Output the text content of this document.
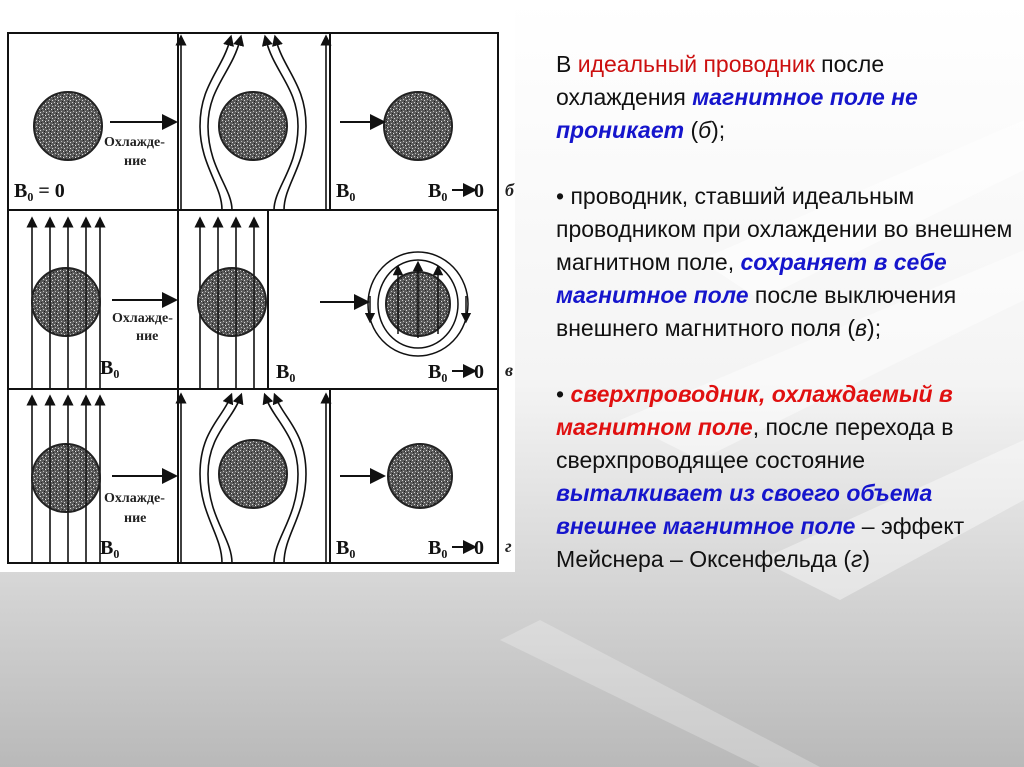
Охлажде-
ние
B₀ = 0	B₀	B₀ 0 б
Охлажде-
ние
B₀	B₀	B₀ 0 в
Охлажде-
ние
B₀	B₀	B₀ 0 г

В идеальный проводник после охлаждения магнитное поле не проникает (б);

• проводник, ставший идеальным проводником при охлаждении во внешнем магнитном поле, сохраняет в себе магнитное поле после выключения внешнего магнитного поля (в);

• сверхпроводник, охлаждаемый в магнитном поле, после перехода в сверхпроводящее состояние выталкивает из своего объема внешнее магнитное поле – эффект Мейснера – Оксенфельда (г)
